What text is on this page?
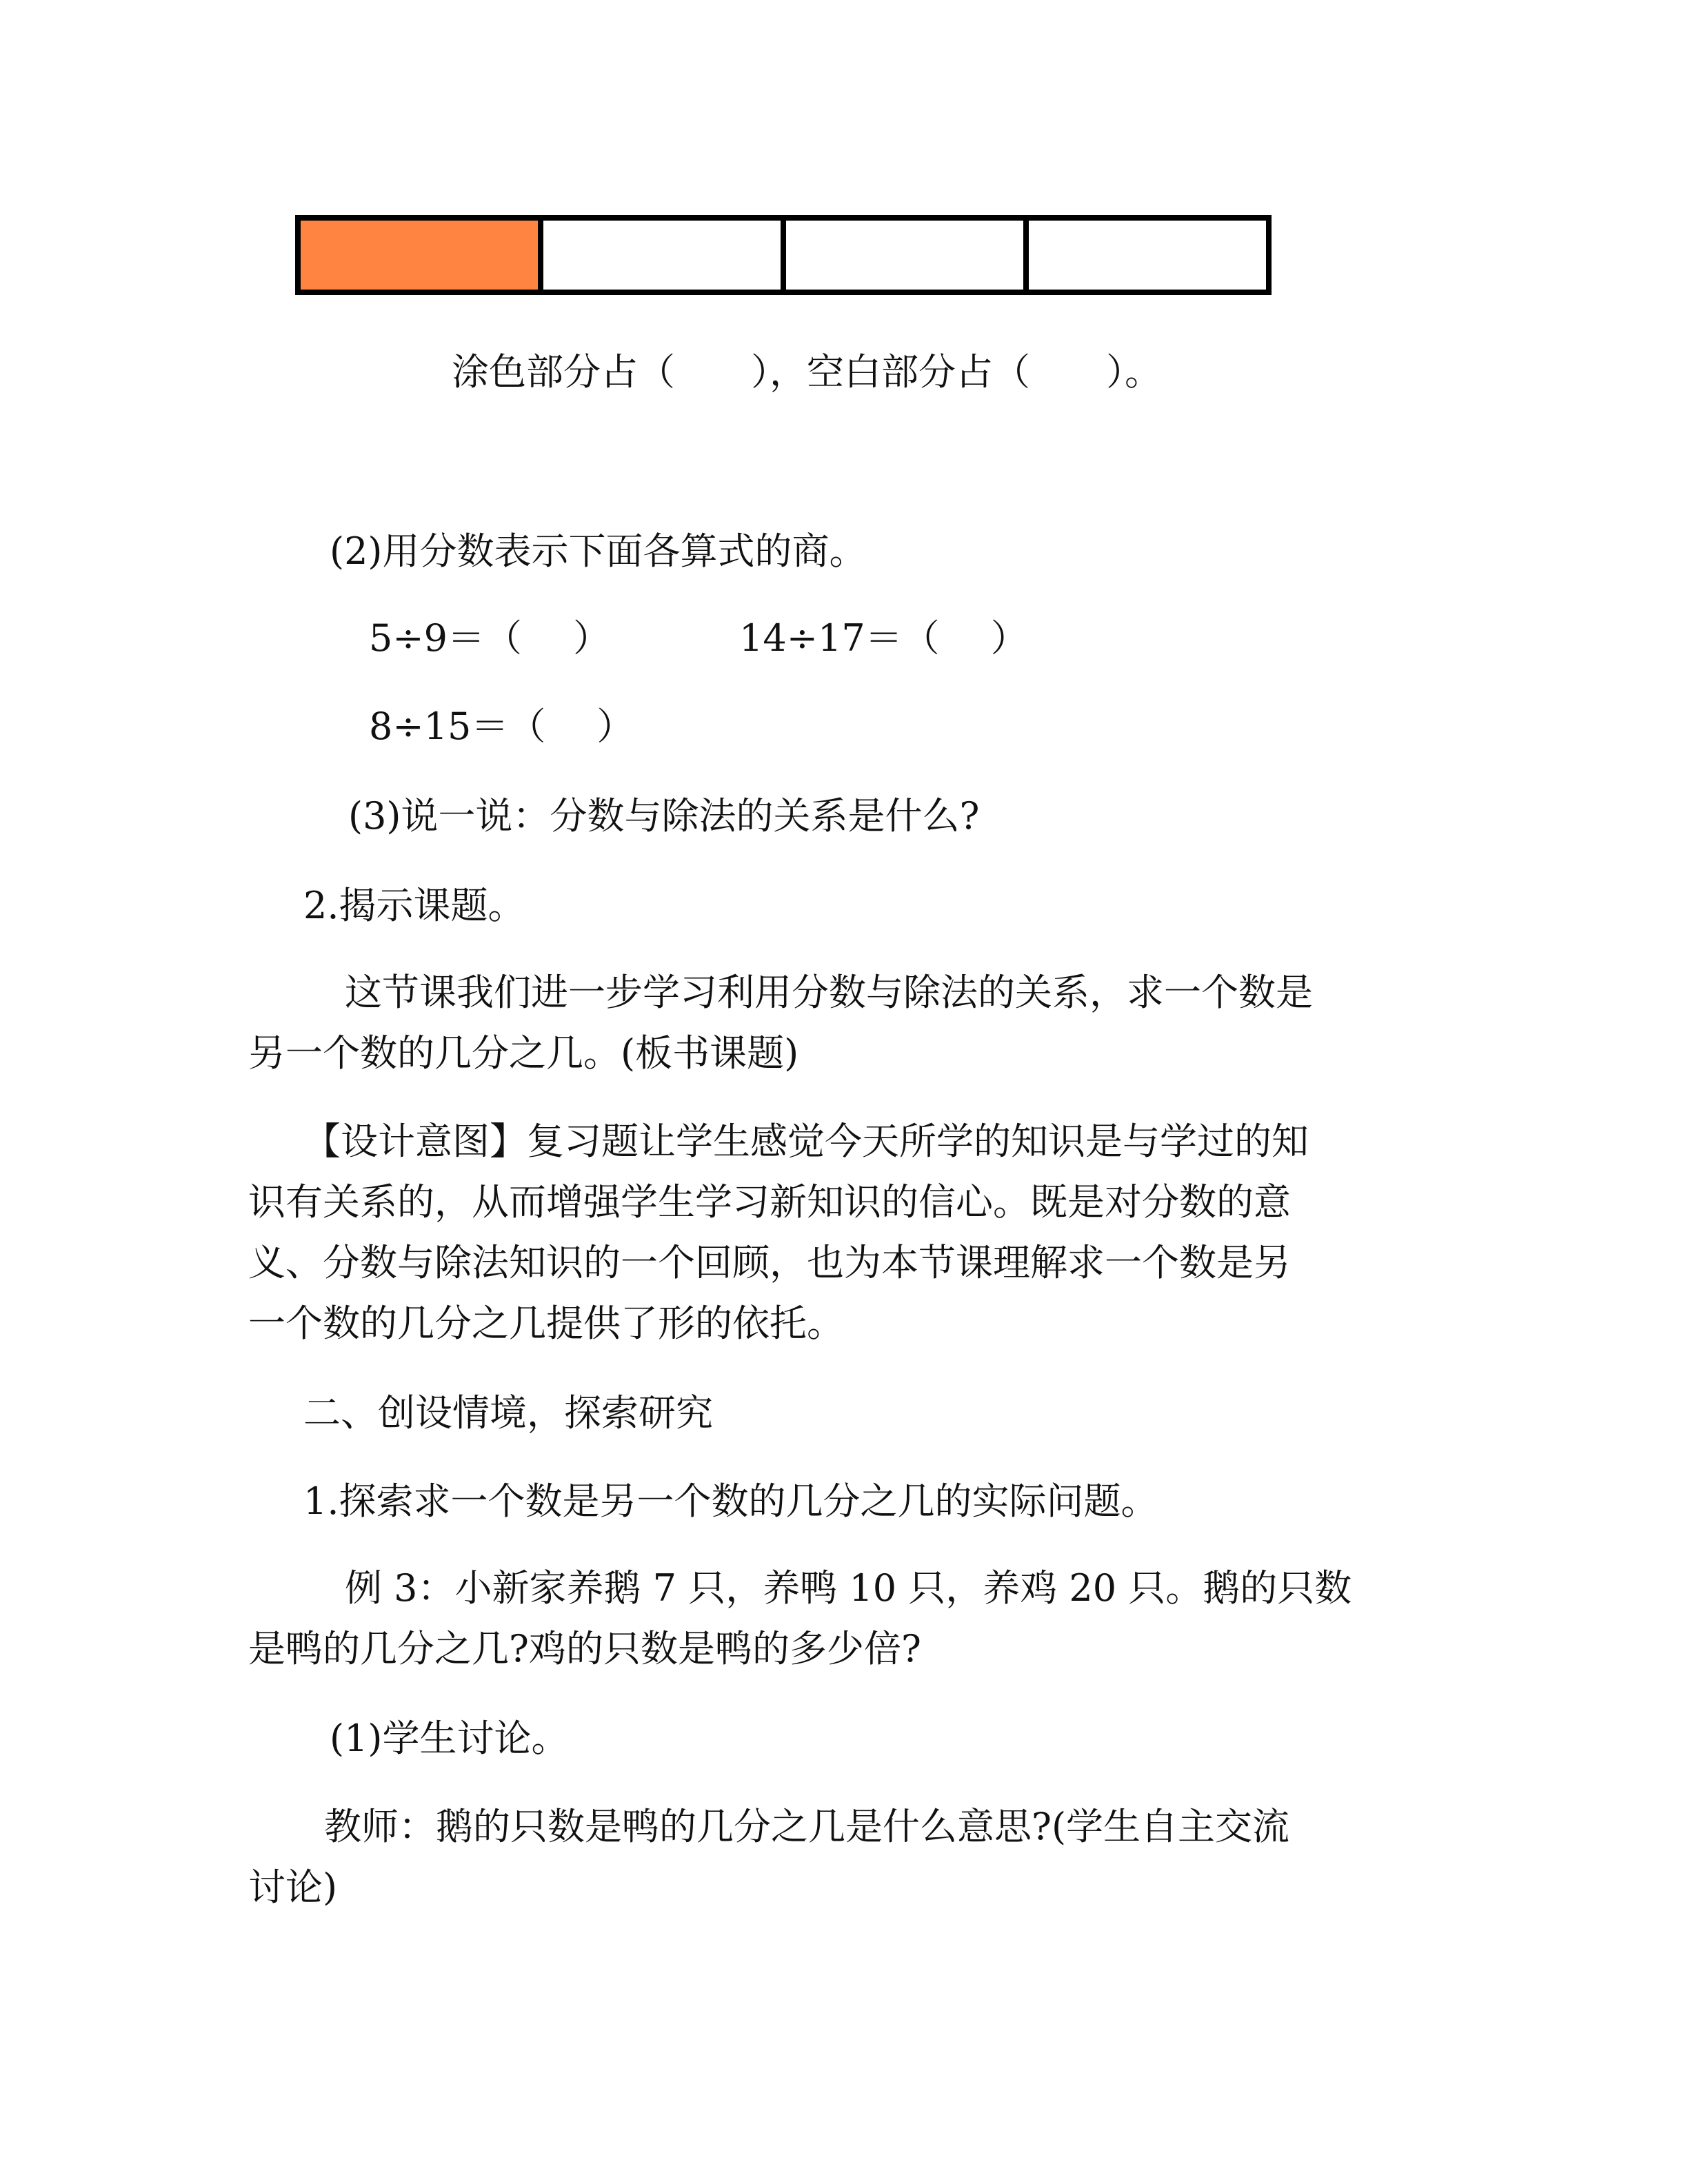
涂色部分占（ ），空白部分占（ ）。
(2)用分数表示下面各算式的商。
5÷9＝（ ）	14÷17＝（ ）
8÷15＝（ ）
(3)说一说：分数与除法的关系是什么?
2.揭示课题。
这节课我们进一步学习利用分数与除法的关系，求一个数是
另一个数的几分之几。(板书课题)
【设计意图】复习题让学生感觉今天所学的知识是与学过的知
识有关系的，从而增强学生学习新知识的信心。既是对分数的意
义、分数与除法知识的一个回顾，也为本节课理解求一个数是另
一个数的几分之几提供了形的依托。
二、创设情境，探索研究
1.探索求一个数是另一个数的几分之几的实际问题。
例 3：小新家养鹅 7 只，养鸭 10 只，养鸡 20 只。鹅的只数
是鸭的几分之几?鸡的只数是鸭的多少倍?
(1)学生讨论。
教师：鹅的只数是鸭的几分之几是什么意思?(学生自主交流
讨论)
